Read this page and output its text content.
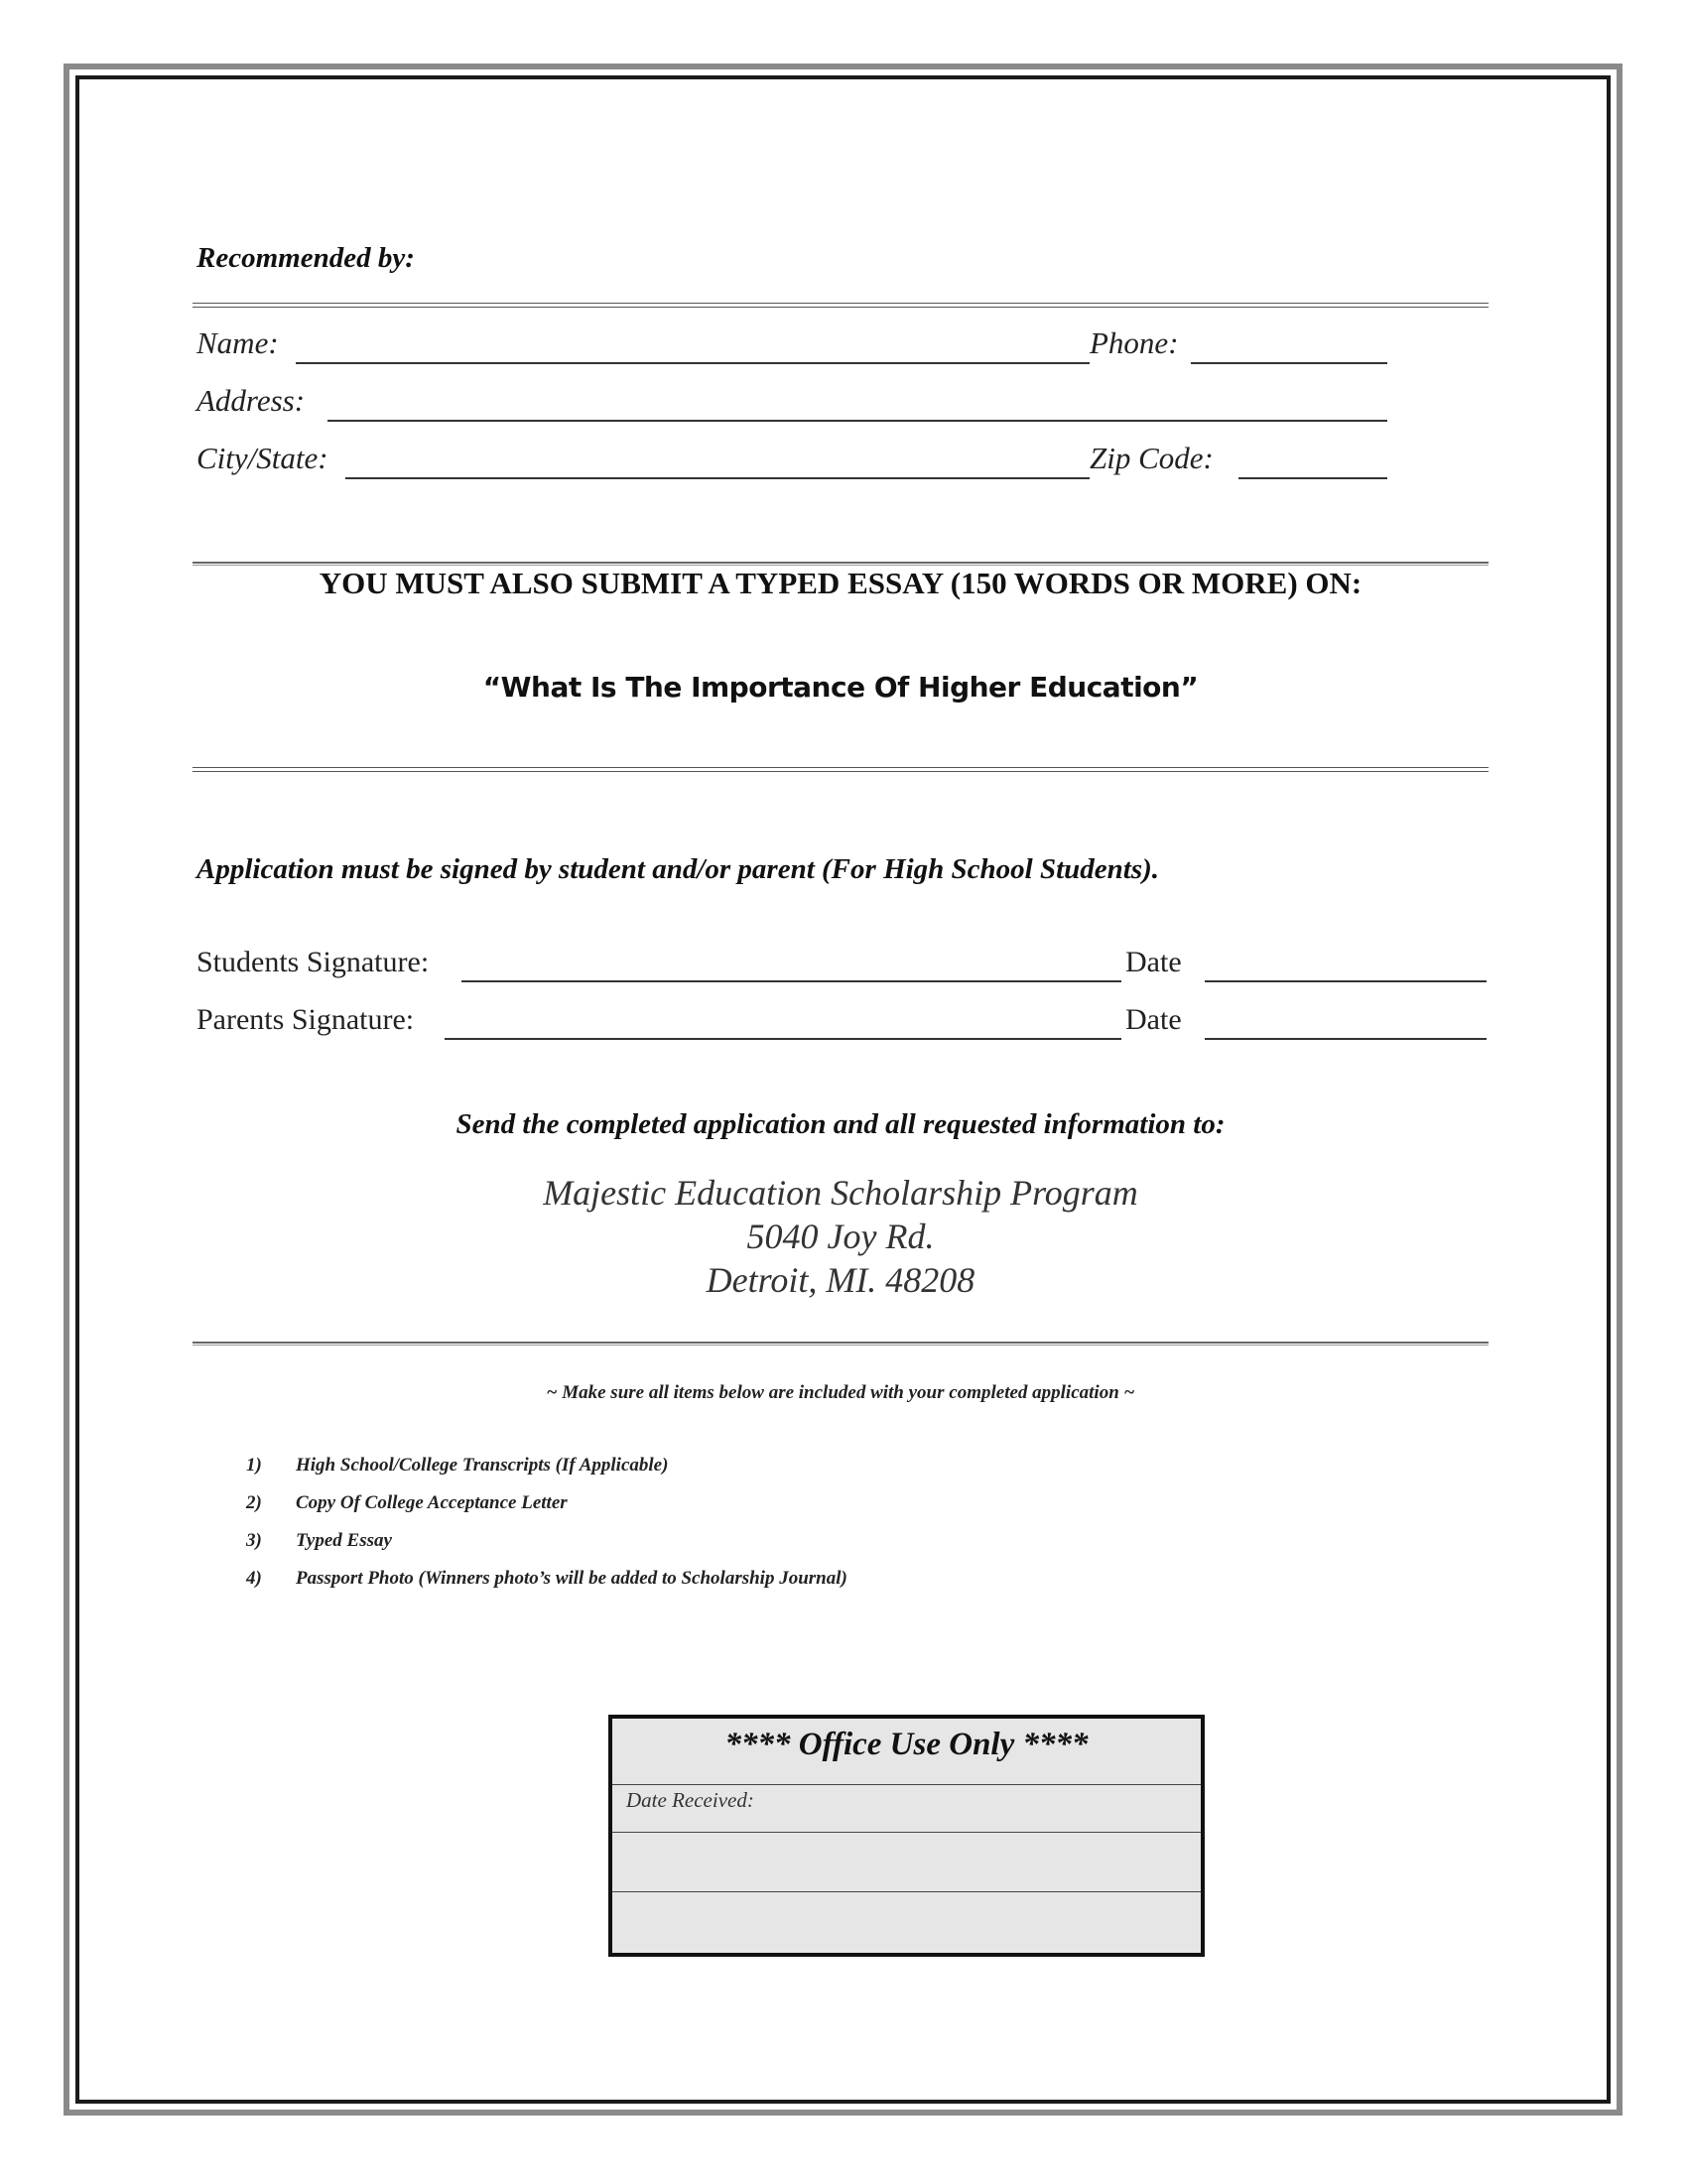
Recommended by:
Name:	Phone:
Address:
City/State:	Zip Code:
YOU MUST ALSO SUBMIT A TYPED ESSAY (150 WORDS OR MORE) ON:
“What Is The Importance Of Higher Education”
Application must be signed by student and/or parent (For High School Students).
Students Signature:	Date
Parents Signature:	Date
Send the completed application and all requested information to:
Majestic Education Scholarship Program
5040 Joy Rd.
Detroit, MI. 48208
~ Make sure all items below are included with your completed application ~
1) High School/College Transcripts (If Applicable)
2) Copy Of College Acceptance Letter
3) Typed Essay
4) Passport Photo (Winners photo’s will be added to Scholarship Journal)
**** Office Use Only ****
Date Received:
